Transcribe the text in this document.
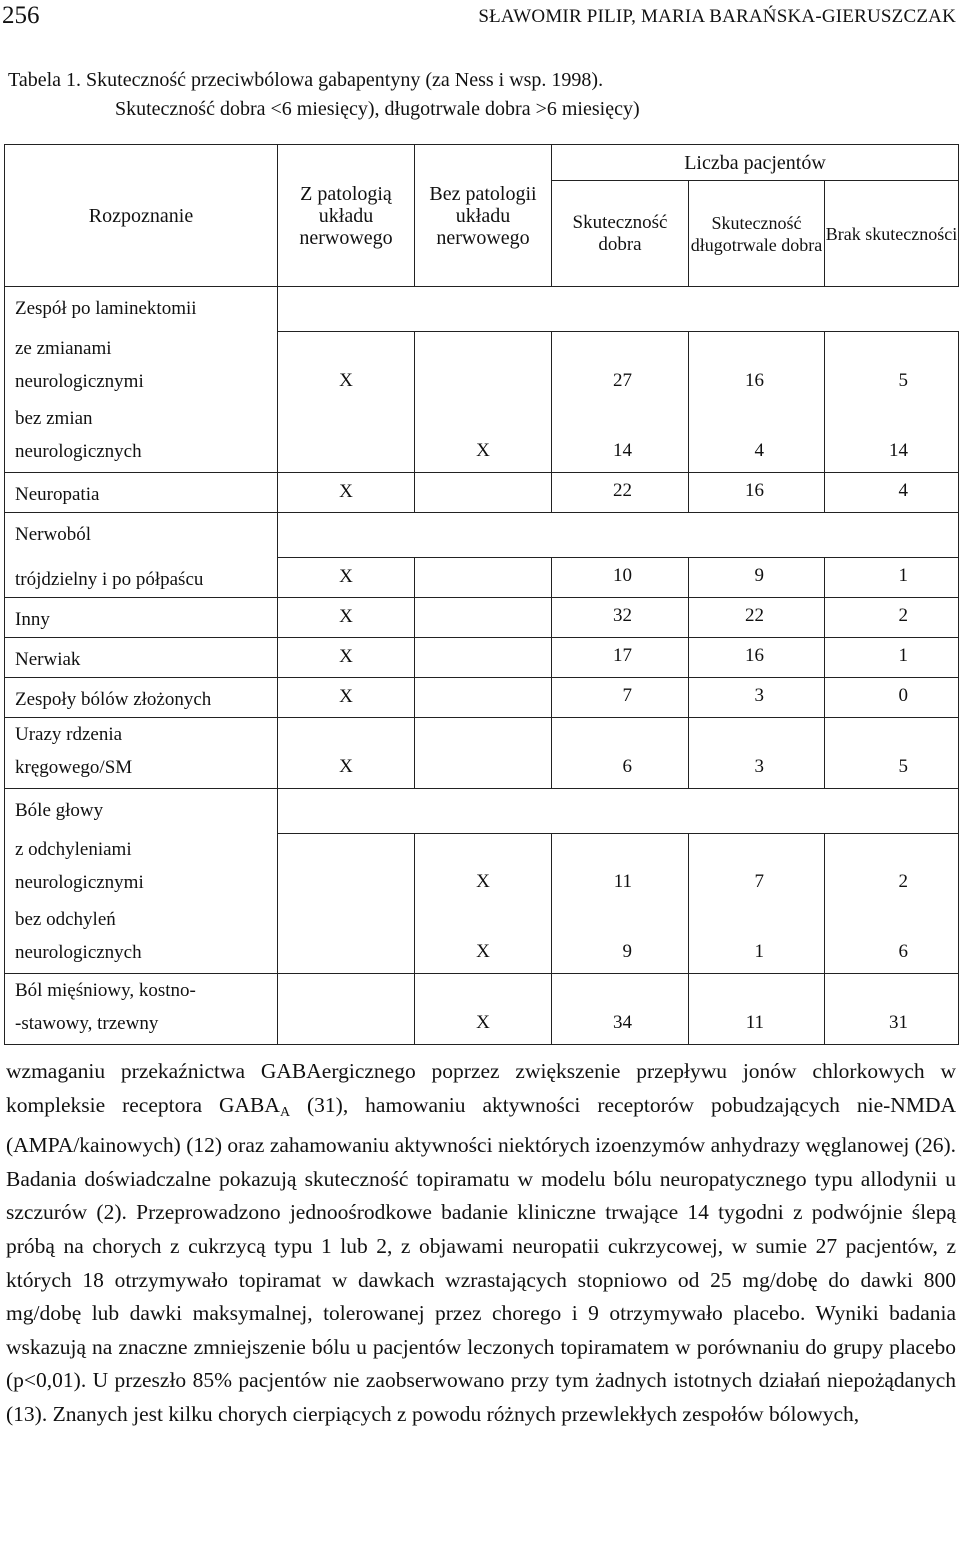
256	SŁAWOMIR PILIP, MARIA BARAŃSKA-GIERUSZCZAK
Tabela 1. Skuteczność przeciwbólowa gabapentyny (za Ness i wsp. 1998).
Skuteczność dobra <6 miesięcy), długotrwale dobra >6 miesięcy)
Rozpoznanie	Z patologią układu nerwowego	Bez patologii układu nerwowego	Liczba pacjentów		
			Skuteczność dobra	Skuteczność długotrwale dobra	Brak skuteczności
Zespół po laminektomii					

ze zmianami
neurologicznymi	X		27	16	5

bez zmian
neurologicznych		X	14	4	14
Neuropatia	X		22	16	4
Nerwoból					
trójdzielny i po półpaścu	X		10	9	1
Inny	X		32	22	2
Nerwiak	X		17	16	1
Zespoły bólów złożonych	X		7	3	0

Urazy rdzenia
kręgowego/SM	X		6	3	5
Bóle głowy					

z odchyleniami
neurologicznymi		X	11	7	2

bez odchyleń
neurologicznych		X	9	1	6

Ból mięśniowy, kostno-
-stawowy, trzewny		X	34	11	31

wzmaganiu przekaźnictwa GABAergicznego poprzez zwiększenie przepływu jonów chlorkowych w kompleksie receptora $GABA_A$ (31), hamowaniu aktywności receptorów pobudzających nie-NMDA (AMPA/kainowych) (12) oraz zahamowaniu aktywności niektórych izoenzymów anhydrazy węglanowej (26). Badania doświadczalne pokazują skuteczność topiramatu w modelu bólu neuropatycznego typu allodynii u szczurów (2). Przeprowadzono jednoośrodkowe badanie kliniczne trwające 14 tygodni z podwójnie ślepą próbą na chorych z cukrzycą typu 1 lub 2, z objawami neuropatii cukrzycowej, w sumie 27 pacjentów, z których 18 otrzymywało topiramat w dawkach wzrastających stopniowo od 25 mg/dobę do dawki 800 mg/dobę lub dawki maksymalnej, tolerowanej przez chorego i 9 otrzymywało placebo. Wyniki badania wskazują na znaczne zmniejszenie bólu u pacjentów leczonych topiramatem w porównaniu do grupy placebo (p<0,01). U przeszło 85% pacjentów nie zaobserwowano przy tym żadnych istotnych działań niepożądanych (13). Znanych jest kilku chorych cierpiących z powodu różnych przewlekłych zespołów bólowych,
